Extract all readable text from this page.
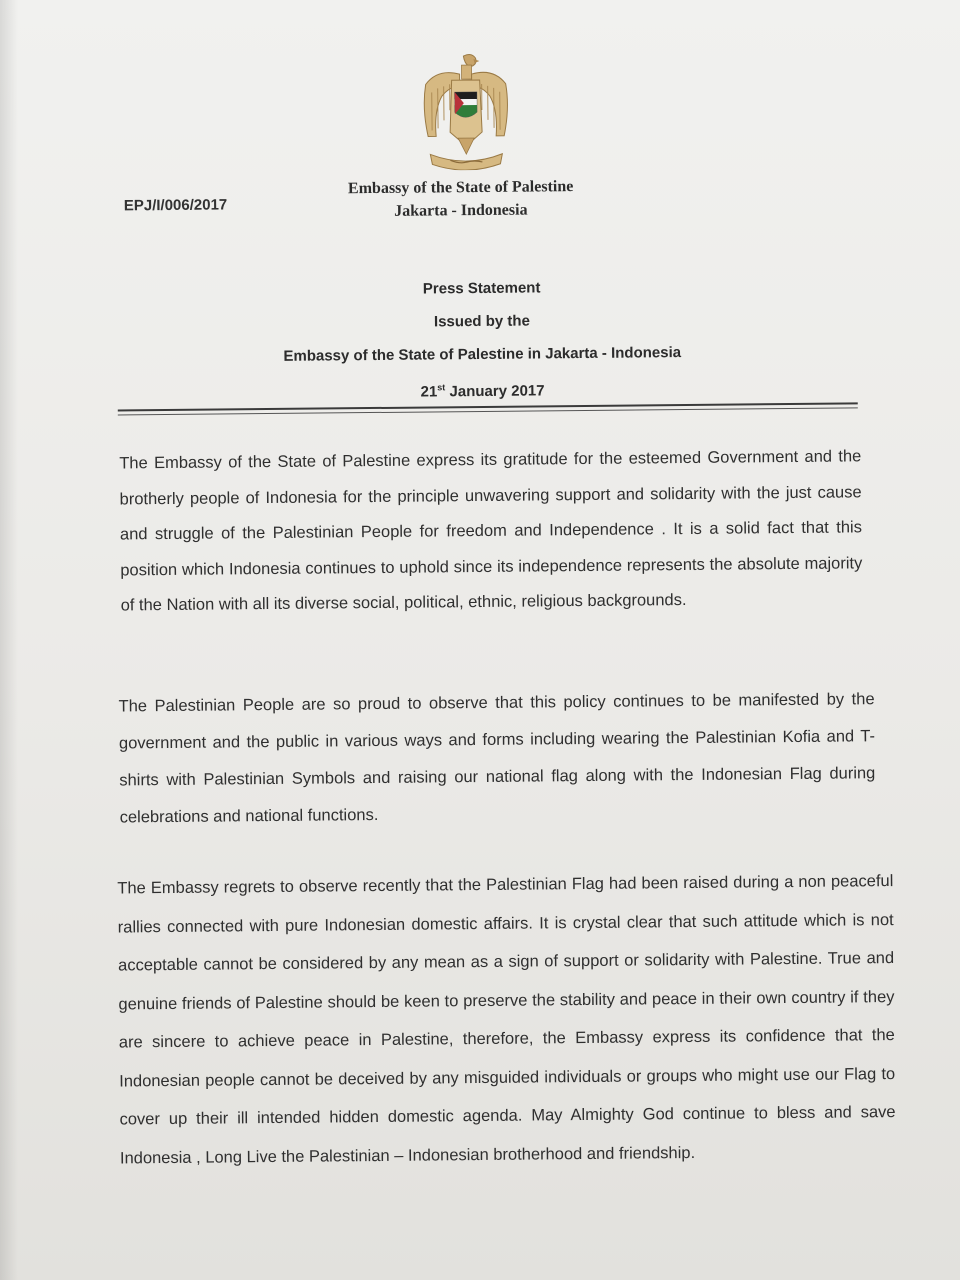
EPJ/I/006/2017
Embassy of the State of Palestine
Jakarta - Indonesia
Press Statement
Issued by the
Embassy of the State of Palestine in Jakarta - Indonesia
21st January 2017

The Embassy of the State of Palestine express its gratitude for the esteemed Government and the brotherly people of Indonesia for the principle unwavering support and solidarity with the just cause and struggle of the Palestinian People for freedom and Independence . It is a solid fact that this position which Indonesia continues to uphold since its independence represents the absolute majority of the Nation with all its diverse social, political, ethnic, religious backgrounds.

The Palestinian People are so proud to observe that this policy continues to be manifested by the government and the public in various ways and forms including wearing the Palestinian Kofia and T-shirts with Palestinian Symbols and raising our national flag along with the Indonesian Flag during celebrations and national functions.

The Embassy regrets to observe recently that the Palestinian Flag had been raised during a non peaceful rallies connected with pure Indonesian domestic affairs. It is crystal clear that such attitude which is not acceptable cannot be considered by any mean as a sign of support or solidarity with Palestine. True and genuine friends of Palestine should be keen to preserve the stability and peace in their own country if they are sincere to achieve peace in Palestine, therefore, the Embassy express its confidence that the Indonesian people cannot be deceived by any misguided individuals or groups who might use our Flag to cover up their ill intended hidden domestic agenda. May Almighty God continue to bless and save Indonesia , Long Live the Palestinian – Indonesian brotherhood and friendship.
